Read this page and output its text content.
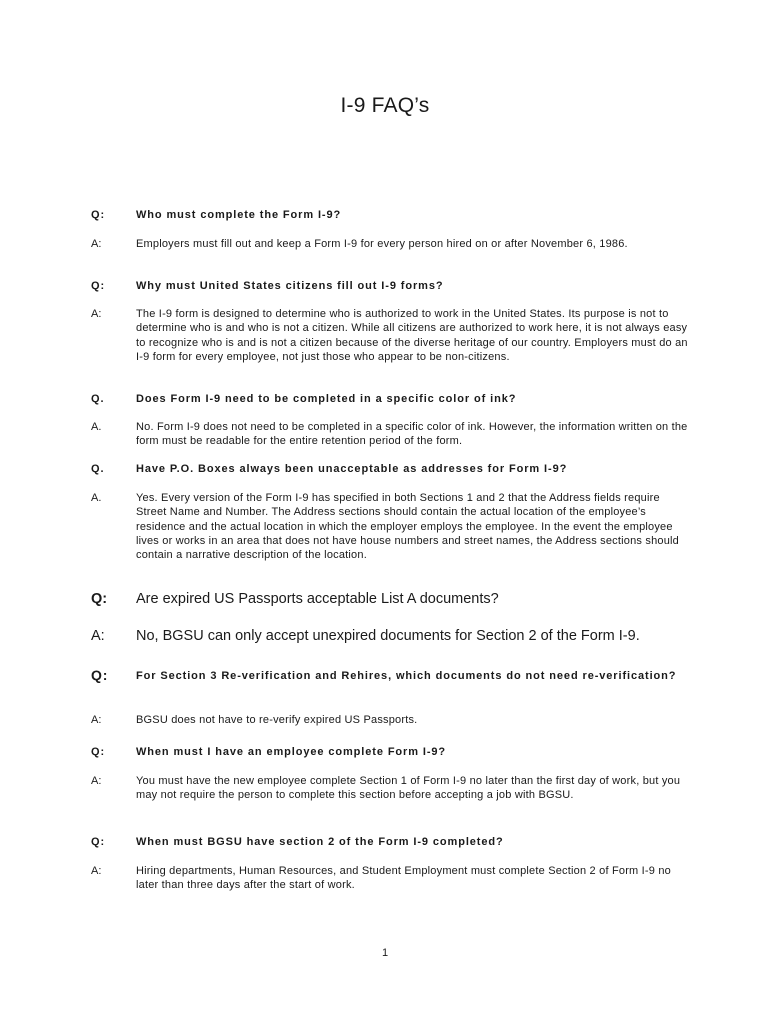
I-9 FAQ’s
Q:	Who must complete the Form I-9?
A:	Employers must fill out and keep a Form I-9 for every person hired on or after November 6, 1986.
Q:	Why must United States citizens fill out I-9 forms?
A:	The I-9 form is designed to determine who is authorized to work in the United States. Its purpose is not to determine who is and who is not a citizen. While all citizens are authorized to work here, it is not always easy to recognize who is and is not a citizen because of the diverse heritage of our country. Employers must do an I-9 form for every employee, not just those who appear to be non-citizens.
Q.	Does Form I-9 need to be completed in a specific color of ink?
A.	No. Form I-9 does not need to be completed in a specific color of ink. However, the information written on the form must be readable for the entire retention period of the form.
Q.	Have P.O. Boxes always been unacceptable as addresses for Form I-9?
A.	Yes. Every version of the Form I-9 has specified in both Sections 1 and 2 that the Address fields require Street Name and Number. The Address sections should contain the actual location of the employee’s residence and the actual location in which the employer employs the employee. In the event the employee lives or works in an area that does not have house numbers and street names, the Address sections should contain a narrative description of the location.
Q:	Are expired US Passports acceptable List A documents?
A:	No, BGSU can only accept unexpired documents for Section 2 of the Form I-9.
Q:	For Section 3 Re-verification and Rehires, which documents do not need re-verification?
A:	BGSU does not have to re-verify expired US Passports.
Q:	When must I have an employee complete Form I-9?
A:	You must have the new employee complete Section 1 of Form I-9 no later than the first day of work, but you may not require the person to complete this section before accepting a job with BGSU.
Q:	When must BGSU have section 2 of the Form I-9 completed?
A:	Hiring departments, Human Resources, and Student Employment must complete Section 2 of Form I-9 no later than three days after the start of work.
1
